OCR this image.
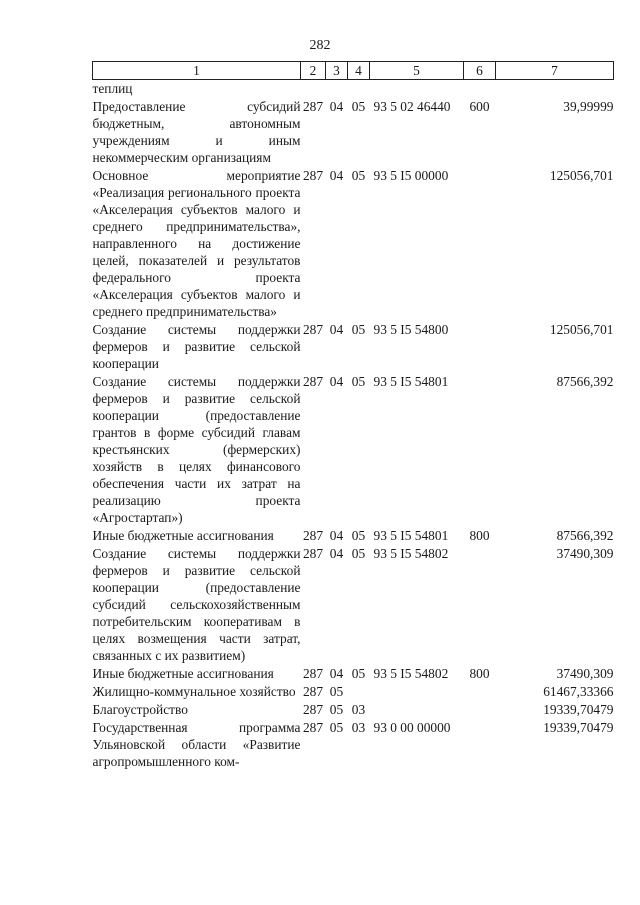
282
1	2	3	4	5	6	7
теплиц						
Предоставление субсидий бюджетным, автономным учреждениям и иным некоммерческим организациям	287	04	05	93 5 02 46440	600	39,99999
Основное мероприятие «Реализация регионального проекта «Акселерация субъектов малого и среднего предпринимательства», направленного на достижение целей, показателей и результатов федерального проекта «Акселерация субъектов малого и среднего предпринимательства»	287	04	05	93 5 I5 00000		125056,701
Создание системы поддержки фермеров и развитие сельской кооперации	287	04	05	93 5 I5 54800		125056,701
Создание системы поддержки фермеров и развитие сельской кооперации (предоставление грантов в форме субсидий главам крестьянских (фермерских) хозяйств в целях финансового обеспечения части их затрат на реализацию проекта «Агростартап»)	287	04	05	93 5 I5 54801		87566,392
Иные бюджетные ассигнования	287	04	05	93 5 I5 54801	800	87566,392
Создание системы поддержки фермеров и развитие сельской кооперации (предоставление субсидий сельскохозяйственным потребительским кооперативам в целях возмещения части затрат, связанных с их развитием)	287	04	05	93 5 I5 54802		37490,309
Иные бюджетные ассигнования	287	04	05	93 5 I5 54802	800	37490,309
Жилищно-коммунальное хозяйство	287	05				61467,33366
Благоустройство	287	05	03			19339,70479
Государственная программа Ульяновской области «Развитие агропромышленного ком-	287	05	03	93 0 00 00000		19339,70479
